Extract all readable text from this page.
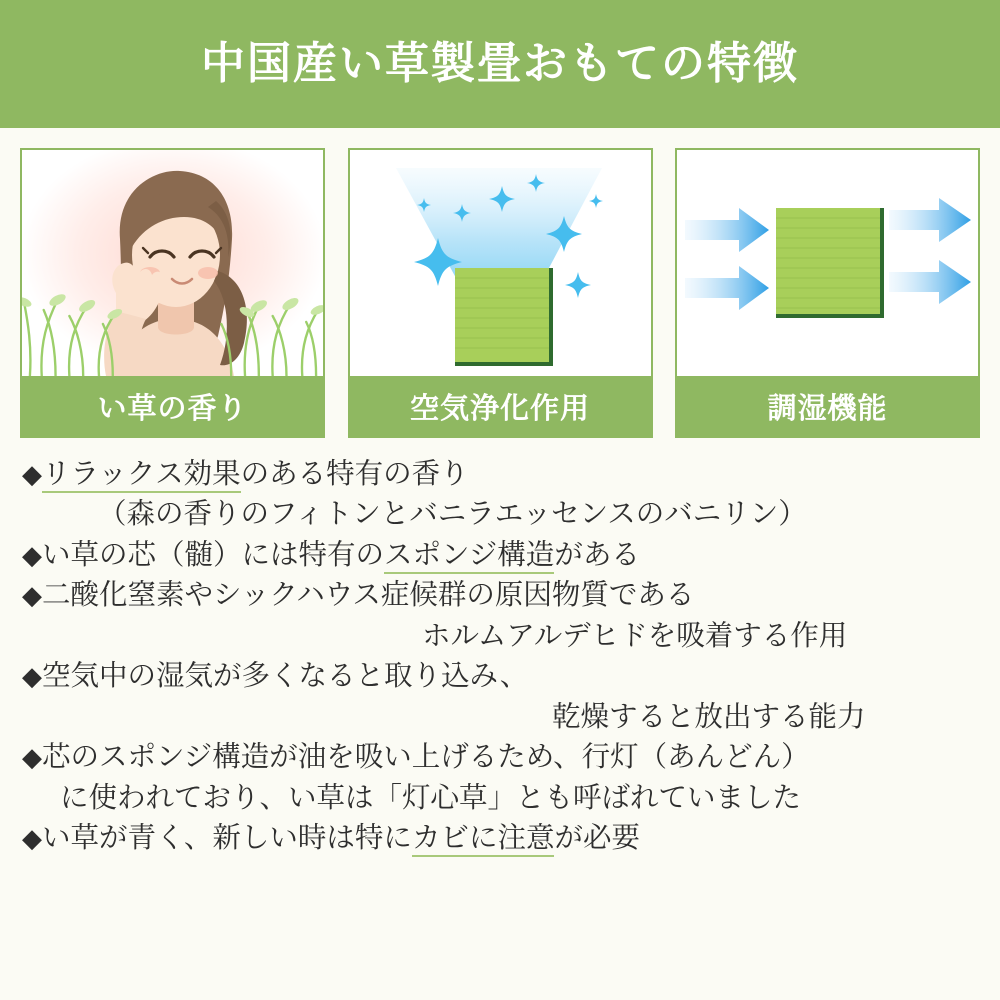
中国産い草製畳おもての特徴
い草の香り	空気浄化作用	調湿機能
◆リラックス効果のある特有の香り
（森の香りのフィトンとバニラエッセンスのバニリン）
◆い草の芯（髄）には特有のスポンジ構造がある
◆二酸化窒素やシックハウス症候群の原因物質である
ホルムアルデヒドを吸着する作用
◆空気中の湿気が多くなると取り込み、
乾燥すると放出する能力
◆芯のスポンジ構造が油を吸い上げるため、行灯（あんどん）
に使われており、い草は「灯心草」とも呼ばれていました
◆い草が青く、新しい時は特にカビに注意が必要
